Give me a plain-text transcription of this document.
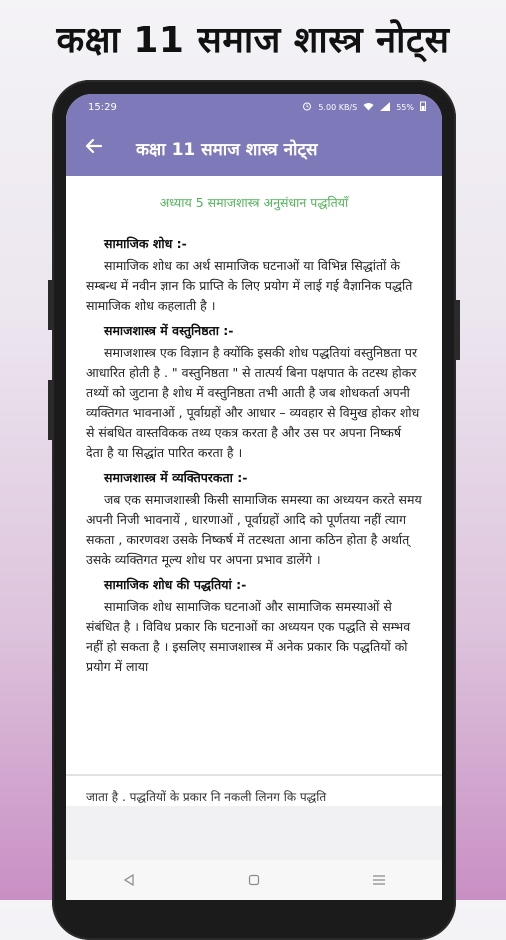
कक्षा 11 समाज शास्त्र नोट्स
15:29	5.00 KB/S	55%
कक्षा 11 समाज शास्त्र नोट्स
अध्याय 5 समाजशास्त्र अनुसंधान पद्धतियाँ
सामाजिक शोध :-

सामाजिक शोध का अर्थ सामाजिक घटनाओं या विभिन्न सिद्धांतों के सम्बन्ध में नवीन ज्ञान कि प्राप्ति के लिए प्रयोग में लाई गई वैज्ञानिक पद्धति सामाजिक शोध कहलाती है ।

समाजशास्त्र में वस्तुनिष्ठता :-

समाजशास्त्र एक विज्ञान है क्योंकि इसकी शोध पद्धतियां वस्तुनिष्ठता पर आधारित होती है . " वस्तुनिष्ठता " से तात्पर्य बिना पक्षपात के तटस्थ होकर तथ्यों को जुटाना है शोध में वस्तुनिष्ठता तभी आती है जब शोधकर्ता अपनी व्यक्तिगत भावनाओं , पूर्वाग्रहों और आधार – व्यवहार से विमुख होकर शोध से संबधित वास्तविकक तथ्य एकत्र करता है और उस पर अपना निष्कर्ष देता है या सिद्धांत पारित करता है ।

समाजशास्त्र में व्यक्तिपरकता :-

जब एक समाजशास्त्री किसी सामाजिक समस्या का अध्ययन करते समय अपनी निजी भावनायें , धारणाओं , पूर्वाग्रहों आदि को पूर्णतया नहीं त्याग सकता , कारणवश उसके निष्कर्ष में तटस्थता आना कठिन होता है अर्थात् उसके व्यक्तिगत मूल्य शोध पर अपना प्रभाव डालेंगे ।

सामाजिक शोध की पद्धतियां :-

सामाजिक शोध सामाजिक घटनाओं और सामाजिक समस्याओं से संबंधित है । विविध प्रकार कि घटनाओं का अध्ययन एक पद्धति से सम्भव नहीं हो सकता है । इसलिए समाजशास्त्र में अनेक प्रकार कि पद्धतियों को प्रयोग में लाया

जाता है . पद्धतियों के प्रकार नि नकली लिनग कि पद्धति
